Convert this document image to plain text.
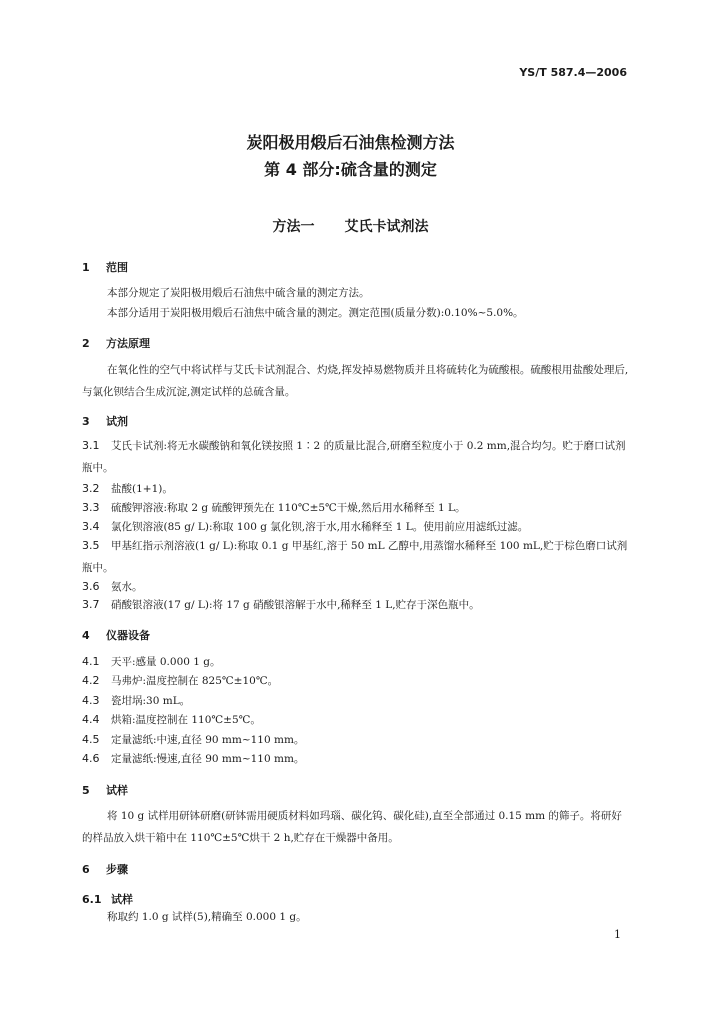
YS/T 587.4—2006
炭阳极用煅后石油焦检测方法
第 4 部分:硫含量的测定
方法一 艾氏卡试剂法
1 范围
本部分规定了炭阳极用煅后石油焦中硫含量的测定方法。
本部分适用于炭阳极用煅后石油焦中硫含量的测定。测定范围(质量分数):0.10%~5.0%。
2 方法原理
在氧化性的空气中将试样与艾氏卡试剂混合、灼烧,挥发掉易燃物质并且将硫转化为硫酸根。硫酸根用盐酸处理后,与氯化钡结合生成沉淀,测定试样的总硫含量。
3 试剂
3.1 艾氏卡试剂:将无水碳酸钠和氧化镁按照 1∶2 的质量比混合,研磨至粒度小于 0.2 mm,混合均匀。贮于磨口试剂瓶中。
3.2 盐酸(1+1)。
3.3 硫酸钾溶液:称取 2 g 硫酸钾预先在 110℃±5℃干燥,然后用水稀释至 1 L。
3.4 氯化钡溶液(85 g/ L):称取 100 g 氯化钡,溶于水,用水稀释至 1 L。使用前应用滤纸过滤。
3.5 甲基红指示剂溶液(1 g/ L):称取 0.1 g 甲基红,溶于 50 mL 乙醇中,用蒸馏水稀释至 100 mL,贮于棕色磨口试剂瓶中。
3.6 氨水。
3.7 硝酸银溶液(17 g/ L):将 17 g 硝酸银溶解于水中,稀释至 1 L,贮存于深色瓶中。
4 仪器设备
4.1 天平:感量 0.000 1 g。
4.2 马弗炉:温度控制在 825℃±10℃。
4.3 瓷坩埚:30 mL。
4.4 烘箱:温度控制在 110℃±5℃。
4.5 定量滤纸:中速,直径 90 mm~110 mm。
4.6 定量滤纸:慢速,直径 90 mm~110 mm。
5 试样
将 10 g 试样用研钵研磨(研钵需用硬质材料如玛瑙、碳化钨、碳化硅),直至全部通过 0.15 mm 的筛子。将研好的样品放入烘干箱中在 110℃±5℃烘干 2 h,贮存在干燥器中备用。
6 步骤
6.1 试样
称取约 1.0 g 试样(5),精确至 0.000 1 g。
1
